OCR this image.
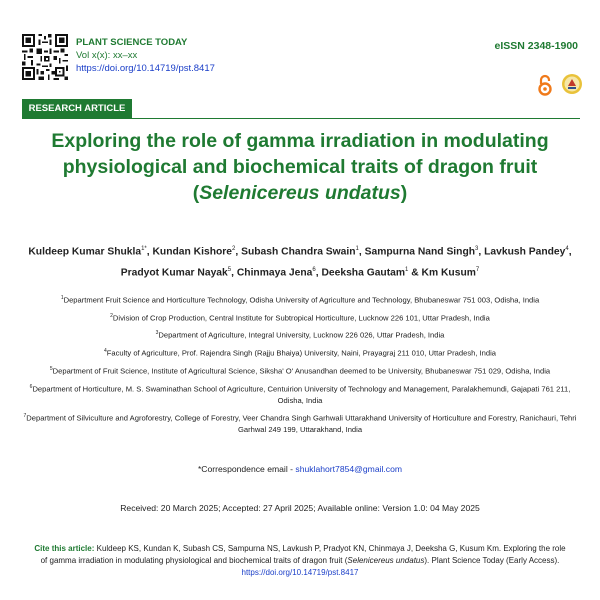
PLANT SCIENCE TODAY
Vol x(x): xx–xx
https://doi.org/10.14719/pst.8417
eISSN 2348-1900
RESEARCH ARTICLE
Exploring the role of gamma irradiation in modulating
physiological and biochemical traits of dragon fruit
(Selenicereus undatus)
Kuldeep Kumar Shukla$^{1*}$, Kundan Kishore$^2$, Subash Chandra Swain$^1$, Sampurna Nand Singh$^3$, Lavkush Pandey$^4$,
Pradyot Kumar Nayak$^5$, Chinmaya Jena$^6$, Deeksha Gautam$^1$ & Km Kusum$^7$
$^1$Department Fruit Science and Horticulture Technology, Odisha University of Agriculture and Technology, Bhubaneswar 751 003, Odisha, India
$^2$Division of Crop Production, Central Institute for Subtropical Horticulture, Lucknow 226 101, Uttar Pradesh, India
$^3$Department of Agriculture, Integral University, Lucknow 226 026, Uttar Pradesh, India
$^4$Faculty of Agriculture, Prof. Rajendra Singh (Rajju Bhaiya) University, Naini, Prayagraj 211 010, Uttar Pradesh, India
$^5$Department of Fruit Science, Institute of Agricultural Science, Siksha' O' Anusandhan deemed to be University, Bhubaneswar 751 029, Odisha, India
$^6$Department of Horticulture, M. S. Swaminathan School of Agriculture, Centuirion University of Technology and Management, Paralakhemundi, Gajapati 761 211, Odisha, India
$^7$Department of Silviculture and Agroforestry, College of Forestry, Veer Chandra Singh Garhwali Uttarakhand University of Horticulture and Forestry, Ranichauri, Tehri Garhwal 249 199, Uttarakhand, India
*Correspondence email - shuklahort7854@gmail.com
Received: 20 March 2025; Accepted: 27 April 2025; Available online: Version 1.0: 04 May 2025
Cite this article: Kuldeep KS, Kundan K, Subash CS, Sampurna NS, Lavkush P, Pradyot KN, Chinmaya J, Deeksha G, Kusum Km. Exploring the role of gamma irradiation in modulating physiological and biochemical traits of dragon fruit (Selenicereus undatus). Plant Science Today (Early Access).
https://doi.org/10.14719/pst.8417
